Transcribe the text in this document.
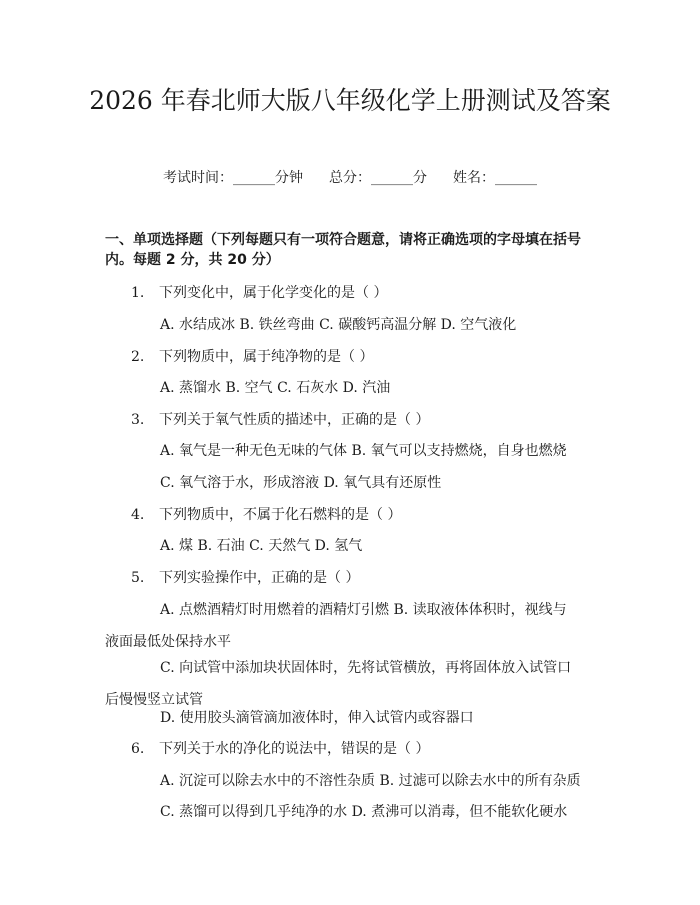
2026 年春北师大版八年级化学上册测试及答案
考试时间：______分钟 总分：______分 姓名：______

一、单项选择题（下列每题只有一项符合题意，请将正确选项的字母填在括号内。每题 2 分，共 20 分）

1. 下列变化中，属于化学变化的是（ ）
A. 水结成冰 B. 铁丝弯曲 C. 碳酸钙高温分解 D. 空气液化
2. 下列物质中，属于纯净物的是（ ）
A. 蒸馏水 B. 空气 C. 石灰水 D. 汽油
3. 下列关于氧气性质的描述中，正确的是（ ）
A. 氧气是一种无色无味的气体 B. 氧气可以支持燃烧，自身也燃烧
C. 氧气溶于水，形成溶液 D. 氧气具有还原性
4. 下列物质中，不属于化石燃料的是（ ）
A. 煤 B. 石油 C. 天然气 D. 氢气
5. 下列实验操作中，正确的是（ ）

A. 点燃酒精灯时用燃着的酒精灯引燃 B. 读取液体体积时，视线与液面最低处保持水平

C. 向试管中添加块状固体时，先将试管横放，再将固体放入试管口后慢慢竖立试管

D. 使用胶头滴管滴加液体时，伸入试管内或容器口
6. 下列关于水的净化的说法中，错误的是（ ）
A. 沉淀可以除去水中的不溶性杂质 B. 过滤可以除去水中的所有杂质
C. 蒸馏可以得到几乎纯净的水 D. 煮沸可以消毒，但不能软化硬水
